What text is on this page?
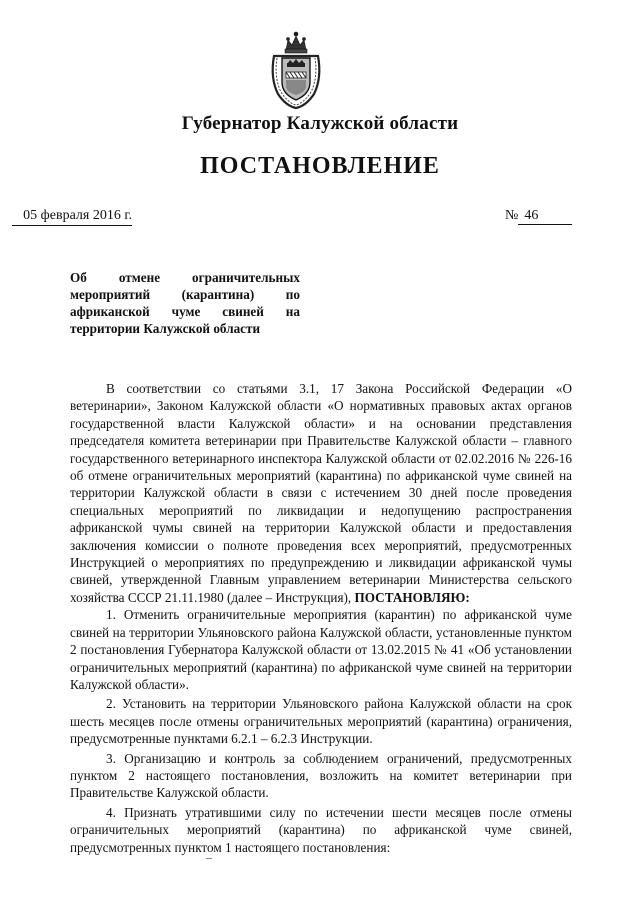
Губернатор Калужской области
ПОСТАНОВЛЕНИЕ
05 февраля 2016 г.	№ 46
Об отмене ограничительных
мероприятий (карантина) по
африканской чуме свиней на
территории Калужской области

В соответствии со статьями 3.1, 17 Закона Российской Федерации «О ветеринарии», Законом Калужской области «О нормативных правовых актах органов государственной власти Калужской области» и на основании представления председателя комитета ветеринарии при Правительстве Калужской области – главного государственного ветеринарного инспектора Калужской области от 02.02.2016 № 226-16 об отмене ограничительных мероприятий (карантина) по африканской чуме свиней на территории Калужской области в связи с истечением 30 дней после проведения специальных мероприятий по ликвидации и недопущению распространения африканской чумы свиней на территории Калужской области и предоставления заключения комиссии о полноте проведения всех мероприятий, предусмотренных Инструкцией о мероприятиях по предупреждению и ликвидации африканской чумы свиней, утвержденной Главным управлением ветеринарии Министерства сельского хозяйства СССР 21.11.1980 (далее – Инструкция), ПОСТАНОВЛЯЮ:

1. Отменить ограничительные мероприятия (карантин) по африканской чуме свиней на территории Ульяновского района Калужской области, установленные пунктом 2 постановления Губернатора Калужской области от 13.02.2015 № 41 «Об установлении ограничительных мероприятий (карантина) по африканской чуме свиней на территории Калужской области».

2. Установить на территории Ульяновского района Калужской области на срок шесть месяцев после отмены ограничительных мероприятий (карантина) ограничения, предусмотренные пунктами 6.2.1 – 6.2.3 Инструкции.

3. Организацию и контроль за соблюдением ограничений, предусмотренных пунктом 2 настоящего постановления, возложить на комитет ветеринарии при Правительстве Калужской области.

4. Признать утратившими силу по истечении шести месяцев после отмены ограничительных мероприятий (карантина) по африканской чуме свиней, предусмотренных пунктом 1 настоящего постановления:
